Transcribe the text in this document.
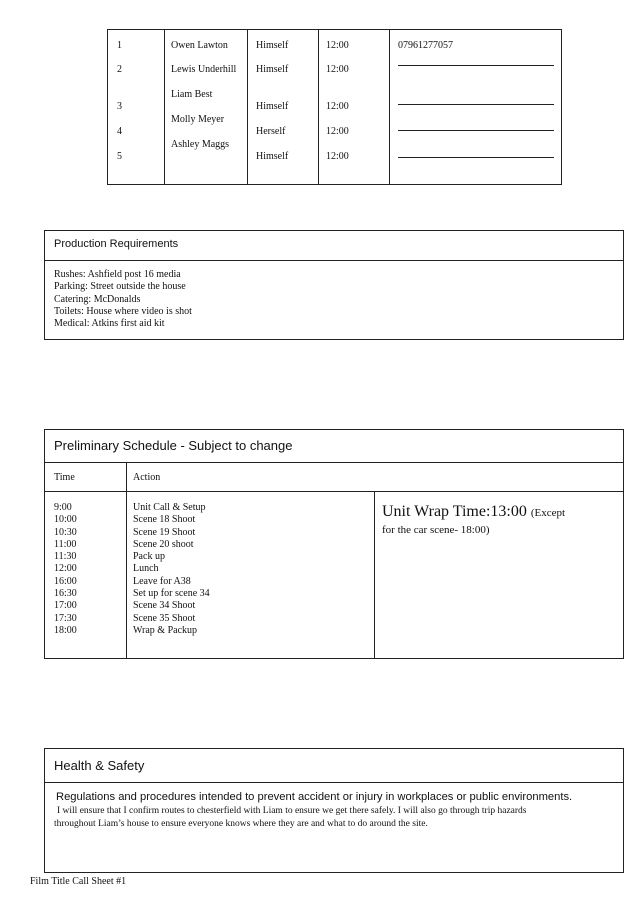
1
2
3
4
5
Owen Lawton
Lewis Underhill
Liam Best
Molly Meyer
Ashley Maggs
Himself
Himself
Himself
Herself
Himself
12:00
12:00
12:00
12:00
12:00
07961277057
Production Requirements
Rushes: Ashfield post 16 media
Parking: Street outside the house
Catering: McDonalds
Toilets: House where video is shot
Medical: Atkins first aid kit
Preliminary Schedule - Subject to change
Time	Action
9:00
10:00
10:30
11:00
11:30
12:00
16:00
16:30
17:00
17:30
18:00
Unit Call & Setup
Scene 18 Shoot
Scene 19 Shoot
Scene 20 shoot
Pack up
Lunch
Leave for A38
Set up for scene 34
Scene 34 Shoot
Scene 35 Shoot
Wrap & Packup
Unit Wrap Time:13:00 (Except
for the car scene- 18:00)
Health & Safety
Regulations and procedures intended to prevent accident or injury in workplaces or public environments.
I will ensure that I confirm routes to chesterfield with Liam to ensure we get there safely. I will also go through trip hazards
throughout Liam’s house to ensure everyone knows where they are and what to do around the site.
Film Title Call Sheet #1
